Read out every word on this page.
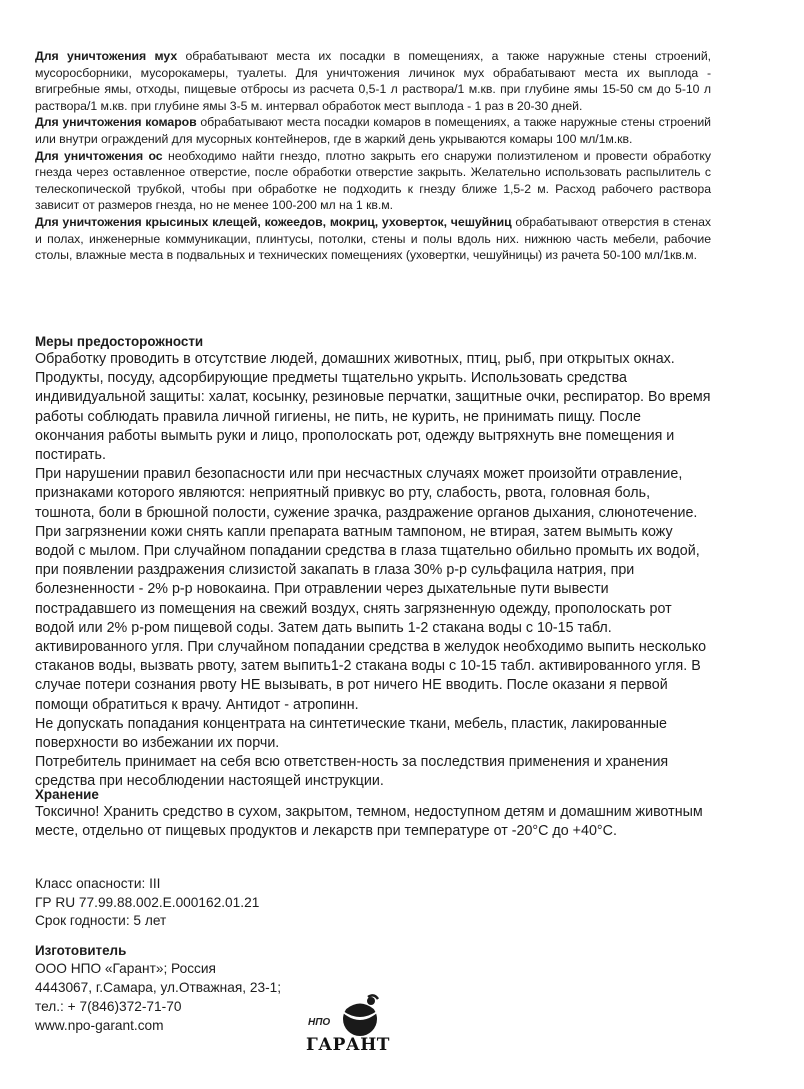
Для уничтожения мух обрабатывают места их посадки в помещениях, а также наружные стены строений, мусоросборники, мусорокамеры, туалеты. Для уничтожения личинок мух обрабатывают места их выплода - вгигребные ямы, отходы, пищевые отбросы из расчета 0,5-1 л раствора/1 м.кв. при глубине ямы 15-50 см до 5-10 л раствора/1 м.кв. при глубине ямы 3-5 м. интервал обработок мест выплода - 1 раз в 20-30 дней.

Для уничтожения комаров обрабатывают места посадки комаров в помещениях, а также наружные стены строений или внутри ограждений для мусорных контейнеров, где в жаркий день укрываются комары 100 мл/1м.кв.

Для уничтожения ос необходимо найти гнездо, плотно закрыть его снаружи полиэтиленом и провести обработку гнезда через оставленное отверстие, после обработки отверстие закрыть. Желательно использовать распылитель с телескопической трубкой, чтобы при обработке не подходить к гнезду ближе 1,5-2 м. Расход рабочего раствора зависит от размеров гнезда, но не менее 100-200 мл на 1 кв.м.

Для уничтожения крысиных клещей, кожеедов, мокриц, уховерток, чешуйниц обрабатывают отверстия в стенах и полах, инженерные коммуникации, плинтусы, потолки, стены и полы вдоль них. нижнюю часть мебели, рабочие столы, влажные места в подвальных и технических помещениях (уховертки, чешуйницы) из рачета 50-100 мл/1кв.м.

Меры предосторожности

Обработку проводить в отсутствие людей, домашних животных, птиц, рыб, при открытых окнах. Продукты, посуду, адсорбирующие предметы тщательно укрыть. Использовать средства индивидуальной защиты: халат, косынку, резиновые перчатки, защитные очки, респиратор. Во время работы соблюдать правила личной гигиены, не пить, не курить, не принимать пищу. После окончания работы вымыть руки и лицо, прополоскать рот, одежду вытряхнуть вне помещения и постирать.

При нарушении правил безопасности или при несчастных случаях может произойти отравление, признаками которого являются: неприятный привкус во рту, слабость, рвота, головная боль, тошнота, боли в брюшной полости, сужение зрачка, раздражение органов дыхания, слюнотечение.

При загрязнении кожи снять капли препарата ватным тампоном, не втирая, затем вымыть кожу водой с мылом. При случайном попадании средства в глаза тщательно обильно промыть их водой, при появлении раздражения слизистой закапать в глаза 30% р-р сульфацила натрия, при болезненности - 2% р-р новокаина. При отравлении через дыхательные пути вывести пострадавшего из помещения на свежий воздух, снять загрязненную одежду, прополоскать рот водой или 2% р-ром пищевой соды. Затем дать выпить 1-2 стакана воды с 10-15 табл. активированного угля. При случайном попадании средства в желудок необходимо выпить несколько стаканов воды, вызвать рвоту, затем выпить1-2 стакана воды с 10-15 табл. активированного угля. В случае потери сознания рвоту НЕ вызывать, в рот ничего НЕ вводить. После оказани я первой помощи обратиться к врачу. Антидот - атропинн.

Не допускать попадания концентрата на синтетические ткани, мебель, пластик, лакированные поверхности во избежании их порчи.

Потребитель принимает на себя всю ответствен-ность за последствия применения и хранения средства при несоблюдении настоящей инструкции.

Хранение

Токсично! Хранить средство в сухом, закрытом, темном, недоступном детям и домашним животным месте, отдельно от пищевых продуктов и лекарств при температуре от -20°С до +40°С.

Класс опасности: III

ГР RU 77.99.88.002.Е.000162.01.21

Срок годности: 5 лет

Изготовитель

ООО НПО «Гарант»; Россия

4443067, г.Самара, ул.Отважная, 23-1;

тел.: + 7(846)372-71-70

www.npo-garant.com	НПО
ГАРАНТ
